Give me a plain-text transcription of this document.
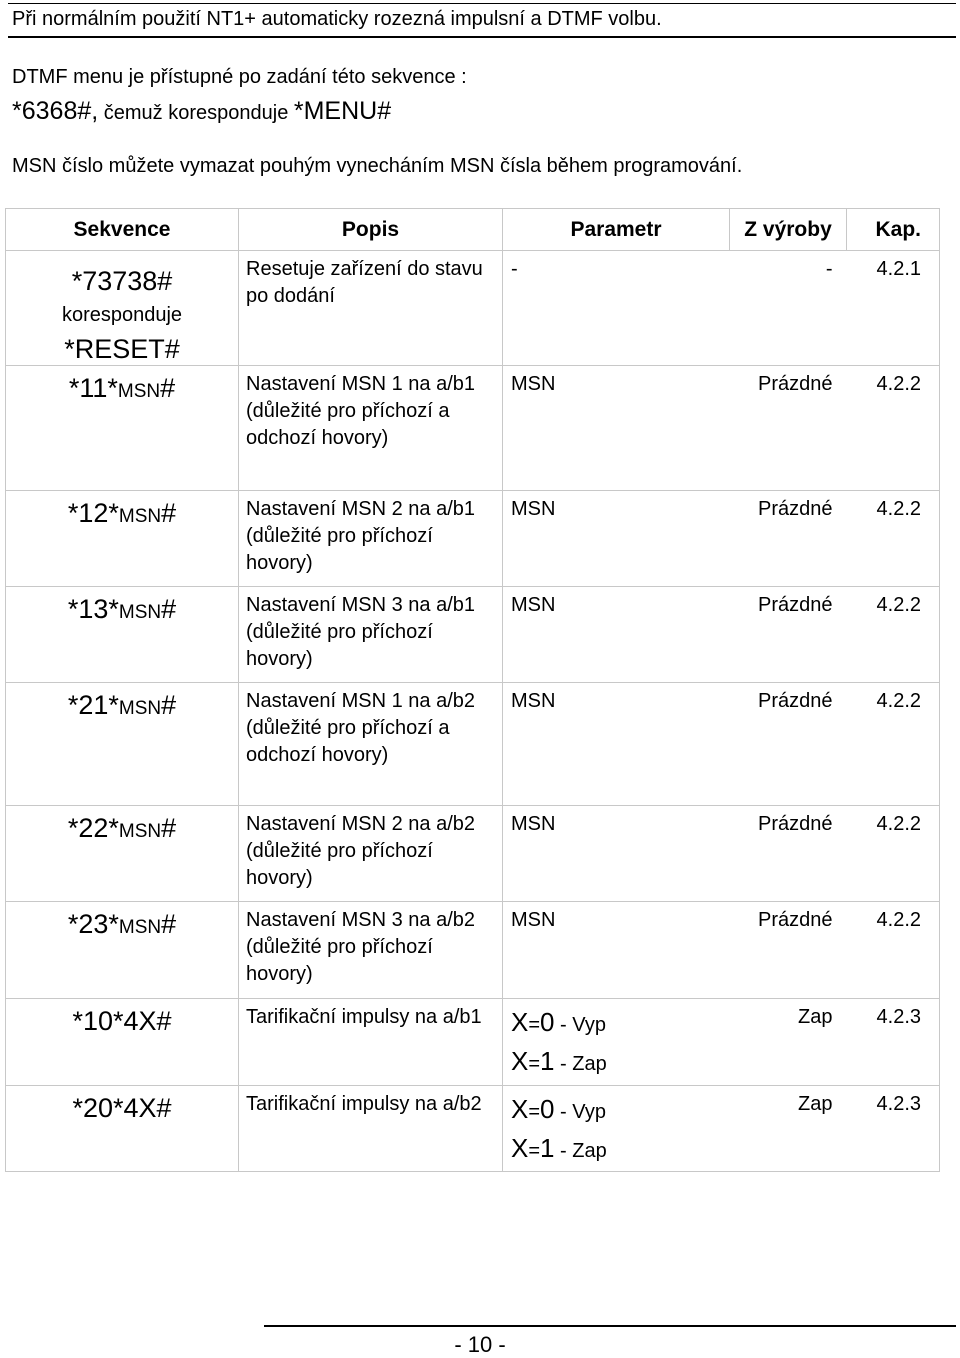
Při normálním použití NT1+ automaticky rozezná impulsní a DTMF volbu.
DTMF menu je přístupné po zadání této sekvence :
*6368#, čemuž koresponduje *MENU#
MSN číslo můžete vymazat pouhým vynecháním MSN čísla během programování.
Sekvence	Popis	Parametr	Z výroby	Kap.

*73738#
koresponduje
*RESET#	Resetuje zařízení do stavu po dodání	-	-	4.2.1
*11*MSN#	Nastavení MSN 1 na a/b1 (důležité pro příchozí a odchozí hovory)	MSN	Prázdné	4.2.2
*12*MSN#	Nastavení MSN 2 na a/b1 (důležité pro příchozí hovory)	MSN	Prázdné	4.2.2
*13*MSN#	Nastavení MSN 3 na a/b1 (důležité pro příchozí hovory)	MSN	Prázdné	4.2.2
*21*MSN#	Nastavení MSN 1 na a/b2 (důležité pro příchozí a odchozí hovory)	MSN	Prázdné	4.2.2
*22*MSN#	Nastavení MSN 2 na a/b2 (důležité pro příchozí hovory)	MSN	Prázdné	4.2.2
*23*MSN#	Nastavení MSN 3 na a/b2 (důležité pro příchozí hovory)	MSN	Prázdné	4.2.2
*10*4X#	Tarifikační impulsy na a/b1	X=0 - Vyp
X=1 - Zap	Zap	4.2.3
*20*4X#	Tarifikační impulsy na a/b2	X=0 - Vyp
X=1 - Zap	Zap	4.2.3
- 10 -
